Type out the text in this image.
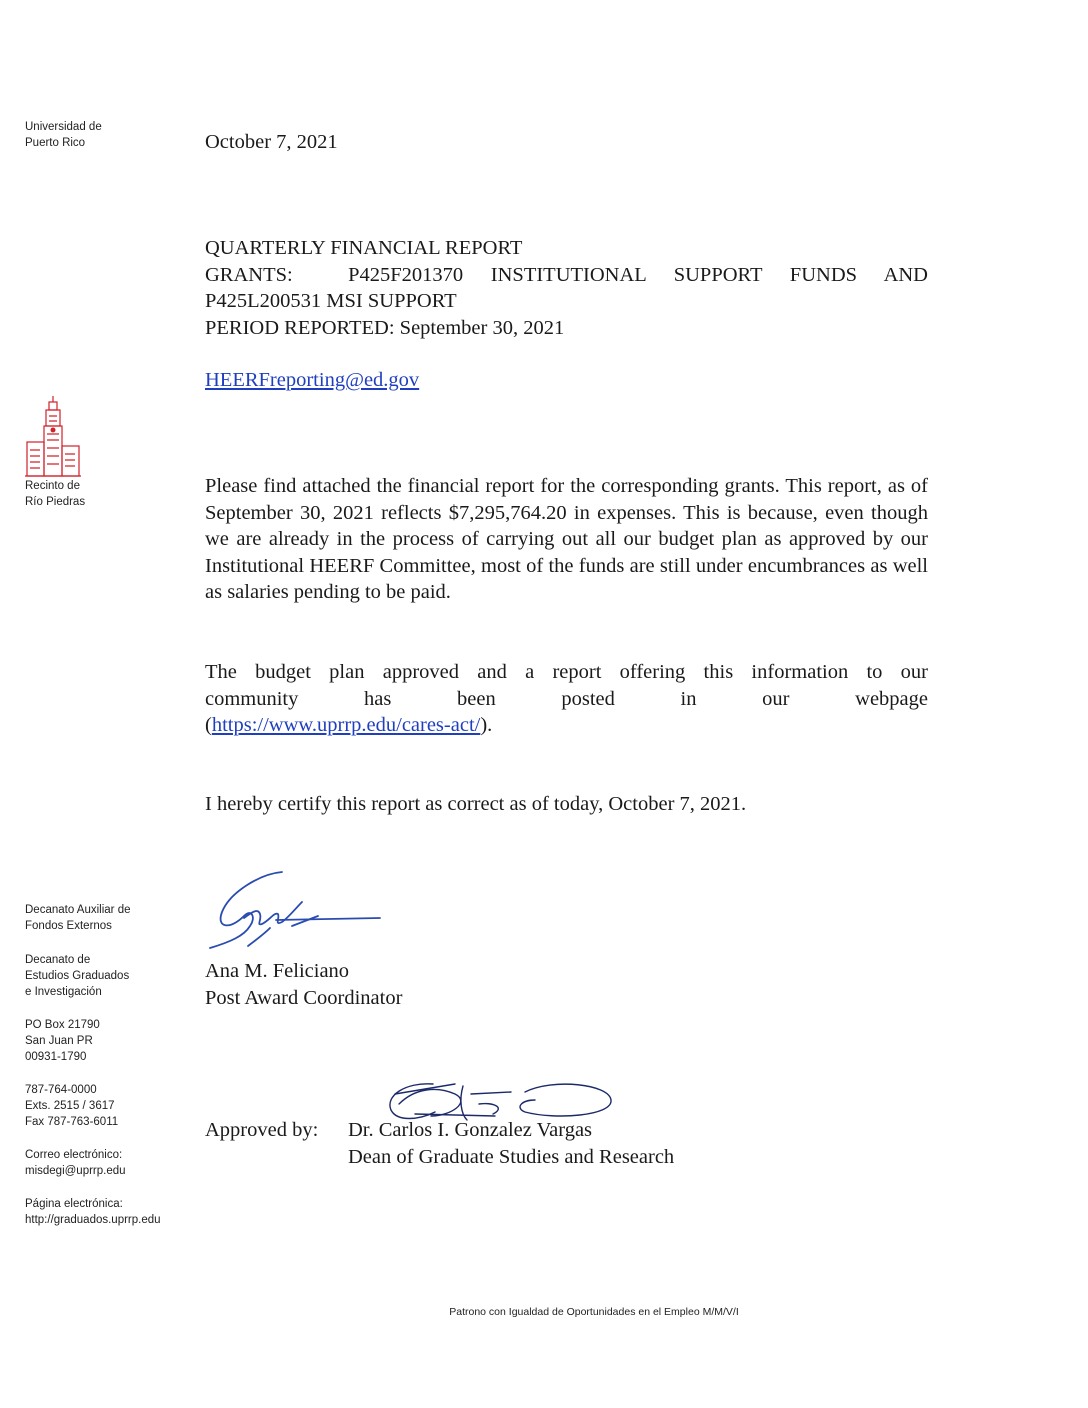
Universidad de
Puerto Rico
Recinto de
Río Piedras
Decanato Auxiliar de
Fondos Externos
Decanato de
Estudios Graduados
e Investigación
PO Box 21790
San Juan PR
00931-1790
787-764-0000
Exts. 2515 / 3617
Fax 787-763-6011
Correo electrónico:
misdegi@uprrp.edu
Página electrónica:
http://graduados.uprrp.edu
October 7, 2021
QUARTERLY FINANCIAL REPORT
GRANTS:    P425F201370  INSTITUTIONAL  SUPPORT  FUNDS  AND
P425L200531 MSI SUPPORT
PERIOD REPORTED: September 30, 2021
HEERFreporting@ed.gov
Please find attached the financial report for the corresponding grants. This report, as of September 30, 2021 reflects $7,295,764.20 in expenses. This is because, even though we are already in the process of carrying out all our budget plan as approved by our Institutional HEERF Committee, most of the funds are still under encumbrances as well as salaries pending to be paid.
The budget plan approved and a report offering this information to our
community has been posted in our webpage
(https://www.uprrp.edu/cares-act/).
I hereby certify this report as correct as of today, October 7, 2021.
Ana M. Feliciano
Post Award Coordinator
Approved by:	Dr. Carlos I. Gonzalez Vargas
Dean of Graduate Studies and Research
Patrono con Igualdad de Oportunidades en el Empleo M/M/V/I
